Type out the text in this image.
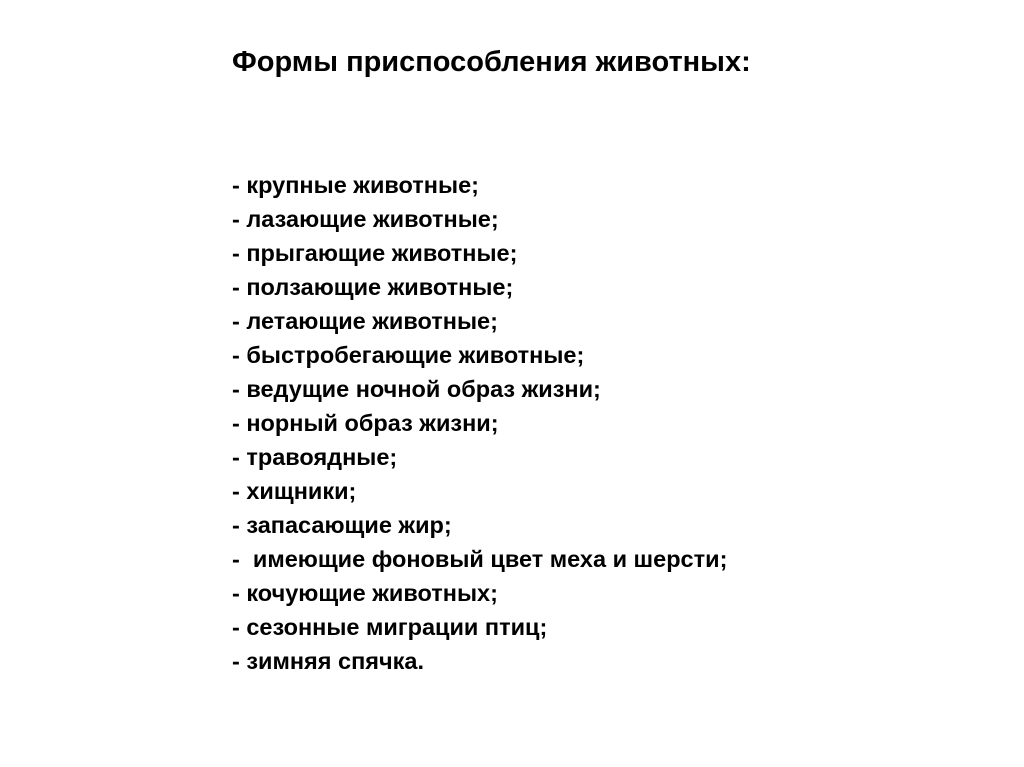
Формы приспособления животных:
- крупные животные;
- лазающие животные;
- прыгающие животные;
- ползающие животные;
- летающие животные;
- быстробегающие животные;
- ведущие ночной образ жизни;
- норный образ жизни;
- травоядные;
- хищники;
- запасающие жир;
-  имеющие фоновый цвет меха и шерсти;
- кочующие животных;
- сезонные миграции птиц;
- зимняя спячка.
